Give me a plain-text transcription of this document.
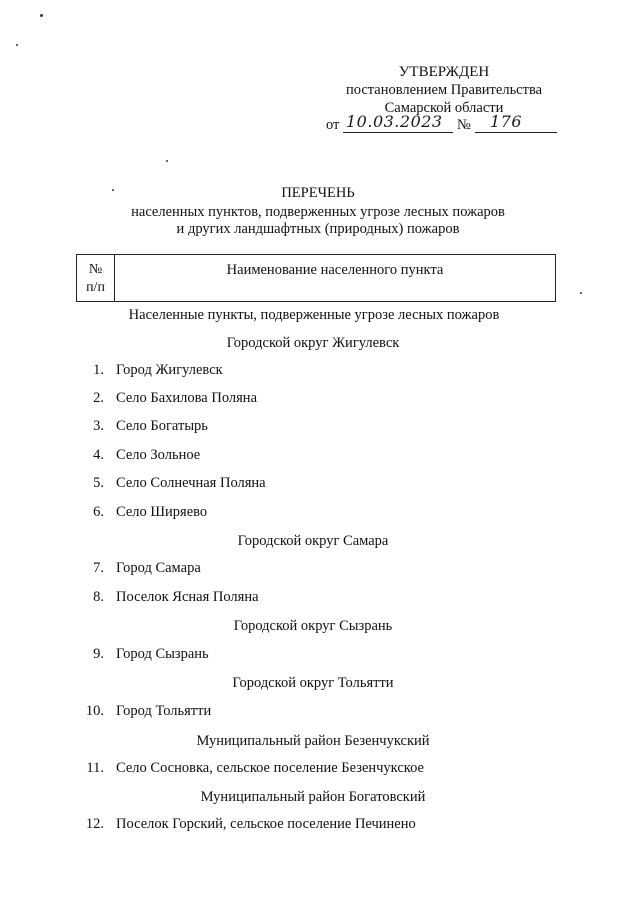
УТВЕРЖДЕН
постановлением Правительства
Самарской области
от 10.03.2023 № 176
ПЕРЕЧЕНЬ
населенных пунктов, подверженных угрозе лесных пожаров
и других ландшафтных (природных) пожаров
№
п/п
Наименование населенного пункта
Населенные пункты, подверженные угрозе лесных пожаров
Городской округ Жигулевск
1. Город Жигулевск
2. Село Бахилова Поляна
3. Село Богатырь
4. Село Зольное
5. Село Солнечная Поляна
6. Село Ширяево
Городской округ Самара
7. Город Самара
8. Поселок Ясная Поляна
Городской округ Сызрань
9. Город Сызрань
Городской округ Тольятти
10. Город Тольятти
Муниципальный район Безенчукский
11. Село Сосновка, сельское поселение Безенчукское
Муниципальный район Богатовский
12. Поселок Горский, сельское поселение Печинено
